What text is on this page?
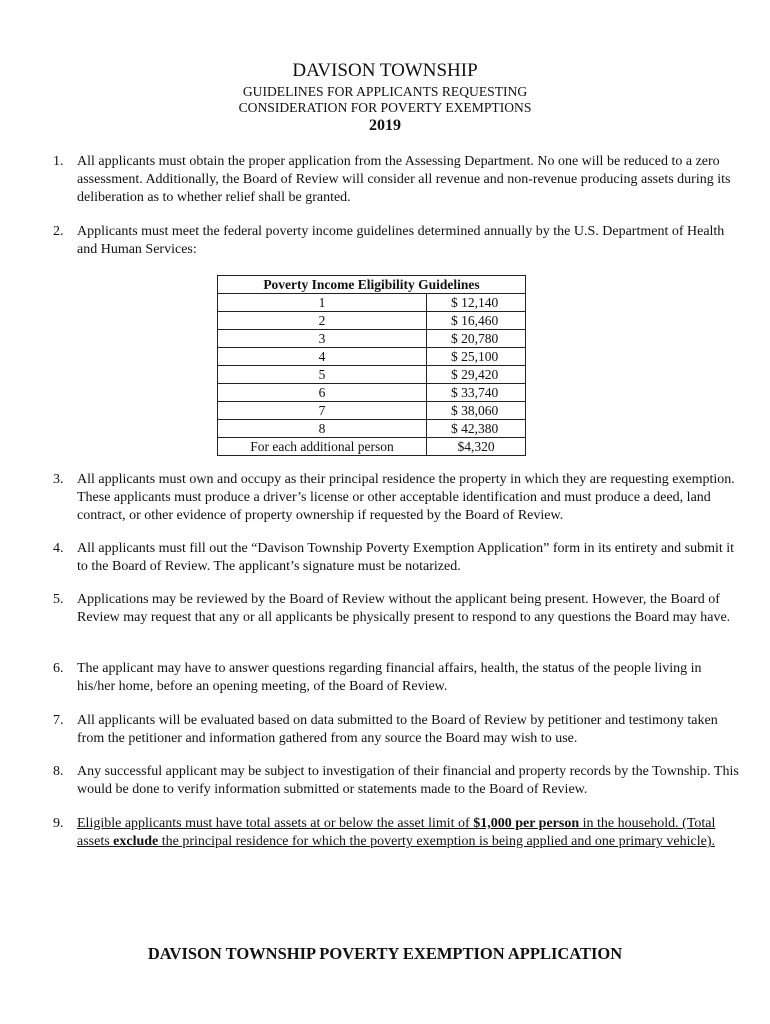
DAVISON TOWNSHIP
GUIDELINES FOR APPLICANTS REQUESTING
CONSIDERATION FOR POVERTY EXEMPTIONS
2019
1. All applicants must obtain the proper application from the Assessing Department. No one will be reduced to a zero assessment. Additionally, the Board of Review will consider all revenue and non-revenue producing assets during its deliberation as to whether relief shall be granted.
2. Applicants must meet the federal poverty income guidelines determined annually by the U.S. Department of Health and Human Services:
Poverty Income Eligibility Guidelines	
1	$ 12,140
2	$ 16,460
3	$ 20,780
4	$ 25,100
5	$ 29,420
6	$ 33,740
7	$ 38,060
8	$ 42,380
For each additional person	$4,320
3. All applicants must own and occupy as their principal residence the property in which they are requesting exemption. These applicants must produce a driver’s license or other acceptable identification and must produce a deed, land contract, or other evidence of property ownership if requested by the Board of Review.
4. All applicants must fill out the “Davison Township Poverty Exemption Application” form in its entirety and submit it to the Board of Review. The applicant’s signature must be notarized.
5. Applications may be reviewed by the Board of Review without the applicant being present. However, the Board of Review may request that any or all applicants be physically present to respond to any questions the Board may have.
6. The applicant may have to answer questions regarding financial affairs, health, the status of the people living in his/her home, before an opening meeting, of the Board of Review.
7. All applicants will be evaluated based on data submitted to the Board of Review by petitioner and testimony taken from the petitioner and information gathered from any source the Board may wish to use.
8. Any successful applicant may be subject to investigation of their financial and property records by the Township. This would be done to verify information submitted or statements made to the Board of Review.
9. Eligible applicants must have total assets at or below the asset limit of $1,000 per person in the household. (Total assets exclude the principal residence for which the poverty exemption is being applied and one primary vehicle).
DAVISON TOWNSHIP POVERTY EXEMPTION APPLICATION
